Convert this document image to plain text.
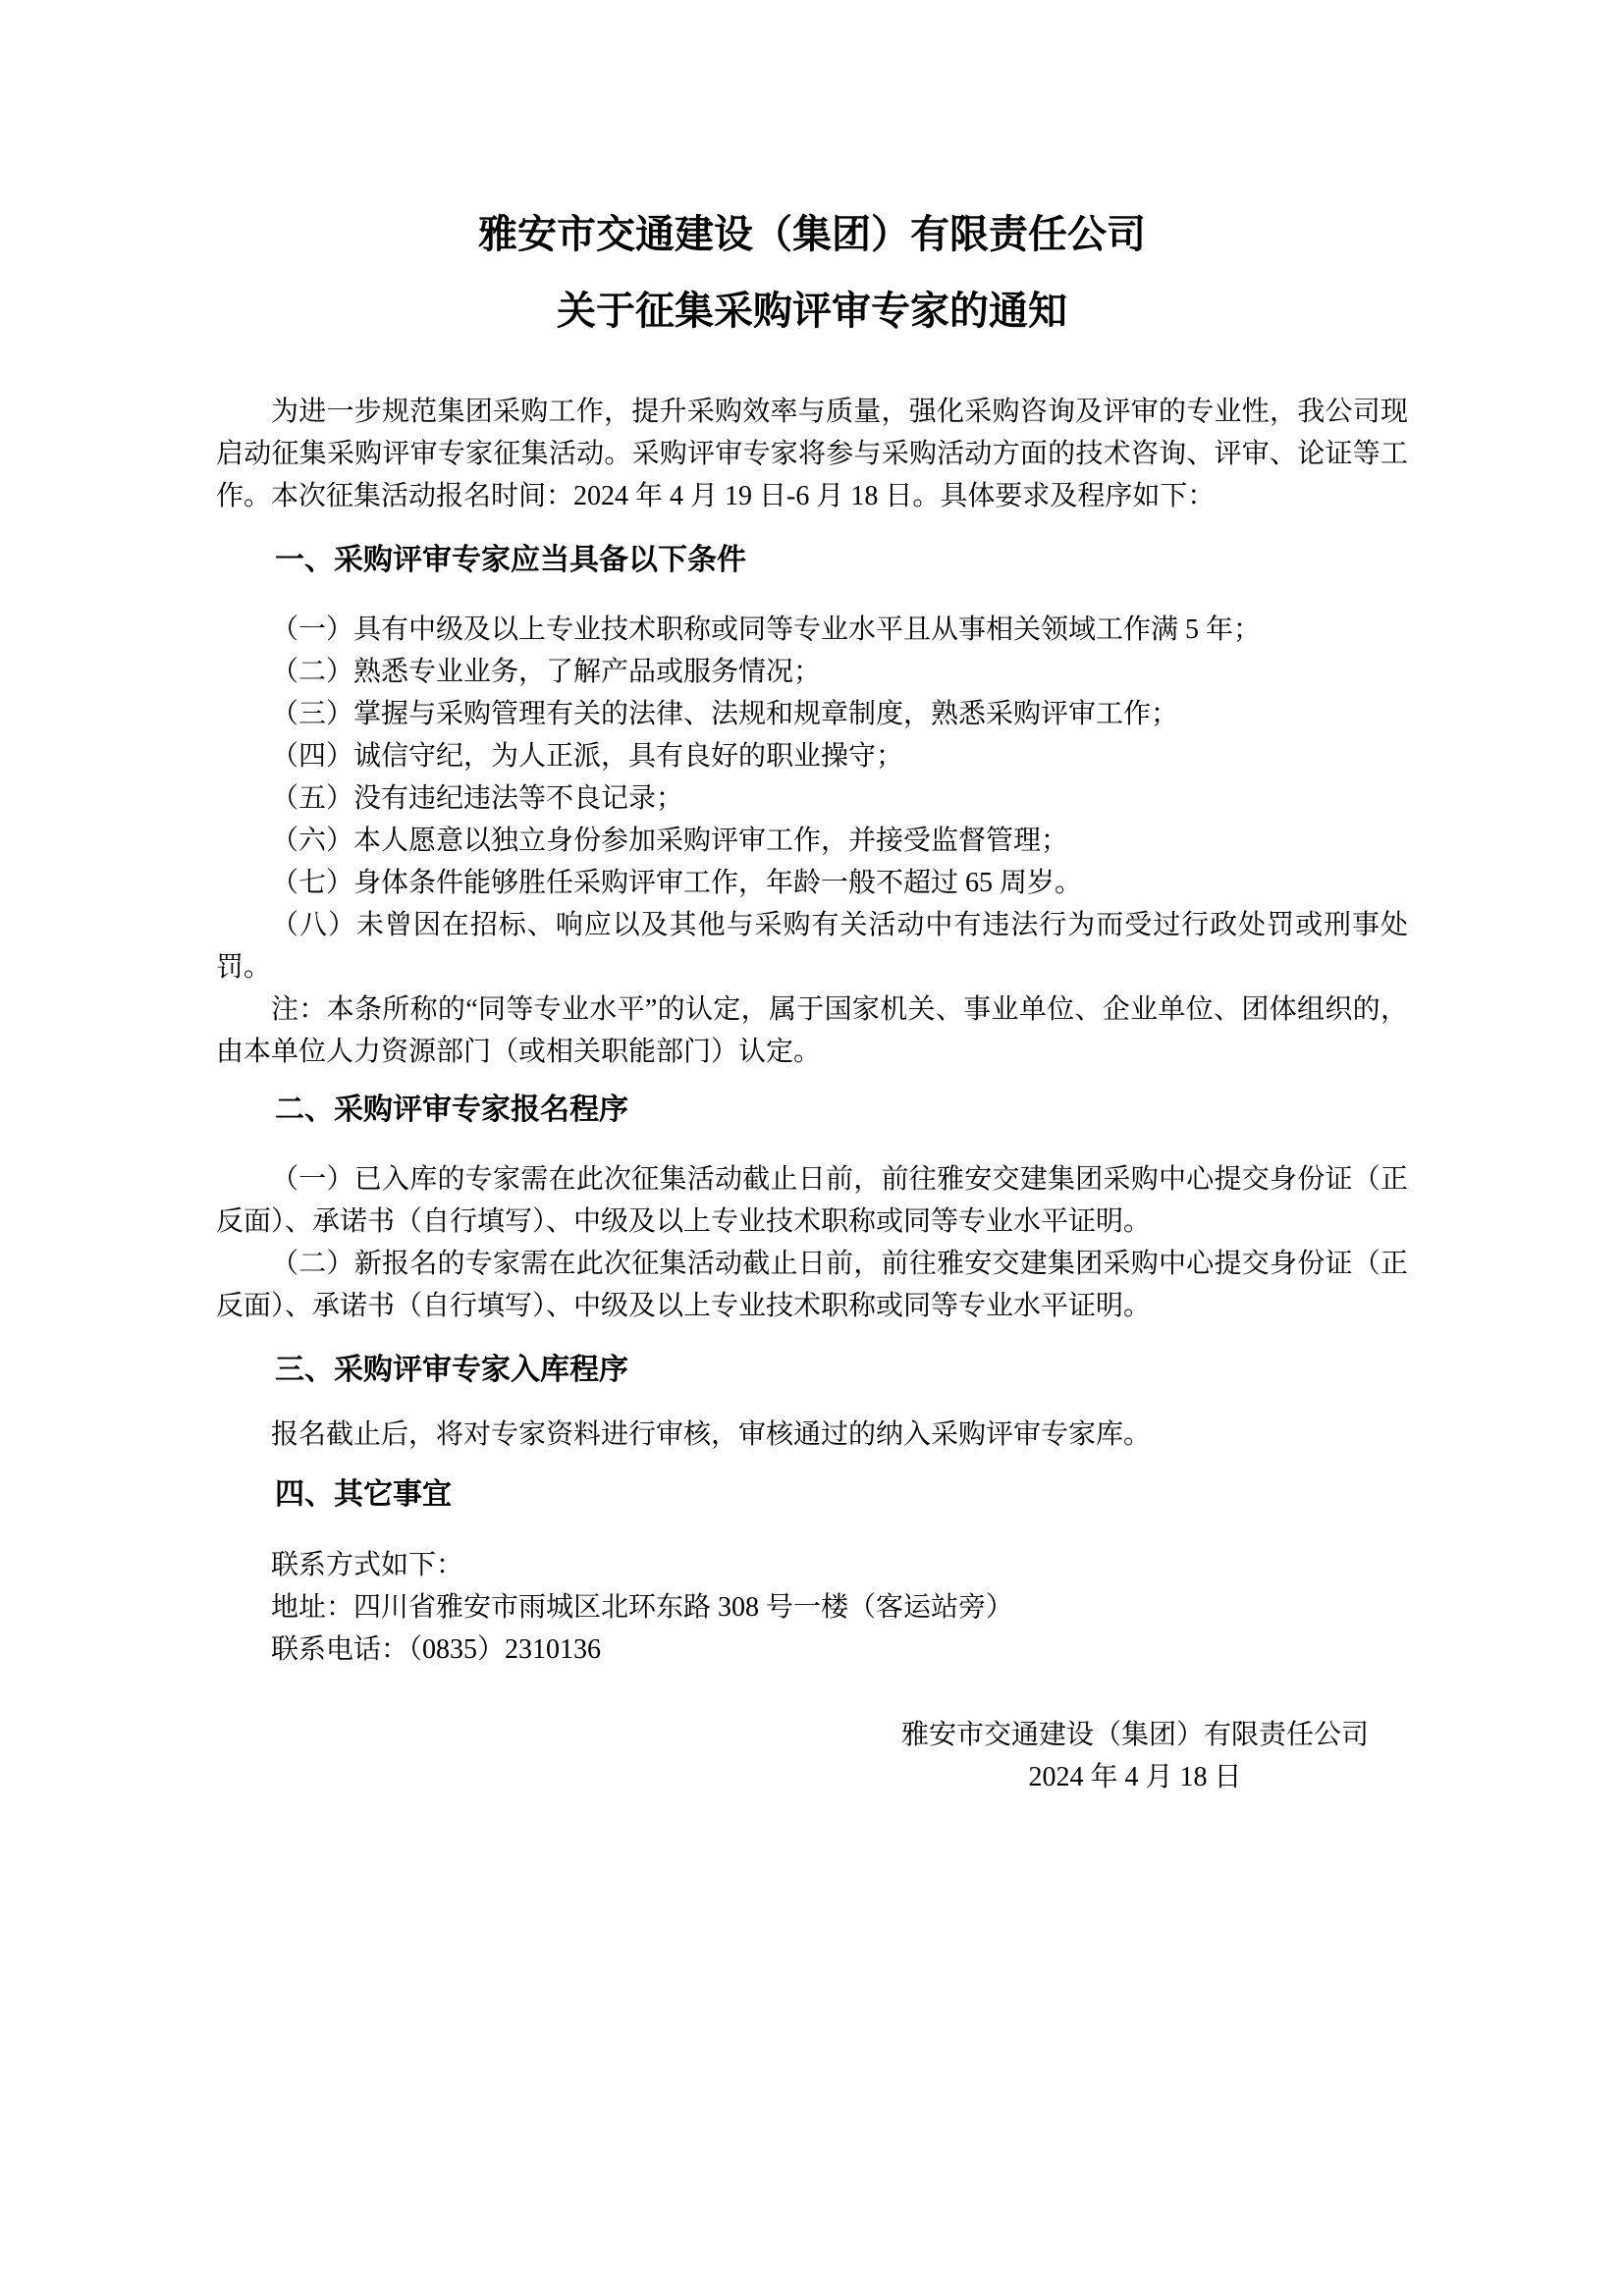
雅安市交通建设（集团）有限责任公司
关于征集采购评审专家的通知

为进一步规范集团采购工作，提升采购效率与质量，强化采购咨询及评审的专业性，我公司现启动征集采购评审专家征集活动。采购评审专家将参与采购活动方面的技术咨询、评审、论证等工作。本次征集活动报名时间：2024 年 4 月 19 日-6 月 18 日。具体要求及程序如下：

一、采购评审专家应当具备以下条件

（一）具有中级及以上专业技术职称或同等专业水平且从事相关领域工作满 5 年；

（二）熟悉专业业务，了解产品或服务情况；

（三）掌握与采购管理有关的法律、法规和规章制度，熟悉采购评审工作；

（四）诚信守纪，为人正派，具有良好的职业操守；

（五）没有违纪违法等不良记录；

（六）本人愿意以独立身份参加采购评审工作，并接受监督管理；

（七）身体条件能够胜任采购评审工作，年龄一般不超过 65 周岁。

（八）未曾因在招标、响应以及其他与采购有关活动中有违法行为而受过行政处罚或刑事处罚。

注：本条所称的“同等专业水平”的认定，属于国家机关、事业单位、企业单位、团体组织的，由本单位人力资源部门（或相关职能部门）认定。

二、采购评审专家报名程序

（一）已入库的专家需在此次征集活动截止日前，前往雅安交建集团采购中心提交身份证（正反面）、承诺书（自行填写）、中级及以上专业技术职称或同等专业水平证明。

（二）新报名的专家需在此次征集活动截止日前，前往雅安交建集团采购中心提交身份证（正反面）、承诺书（自行填写）、中级及以上专业技术职称或同等专业水平证明。

三、采购评审专家入库程序

报名截止后，将对专家资料进行审核，审核通过的纳入采购评审专家库。

四、其它事宜

联系方式如下：

地址：四川省雅安市雨城区北环东路 308 号一楼（客运站旁）

联系电话：（0835）2310136

雅安市交通建设（集团）有限责任公司

2024 年 4 月 18 日
